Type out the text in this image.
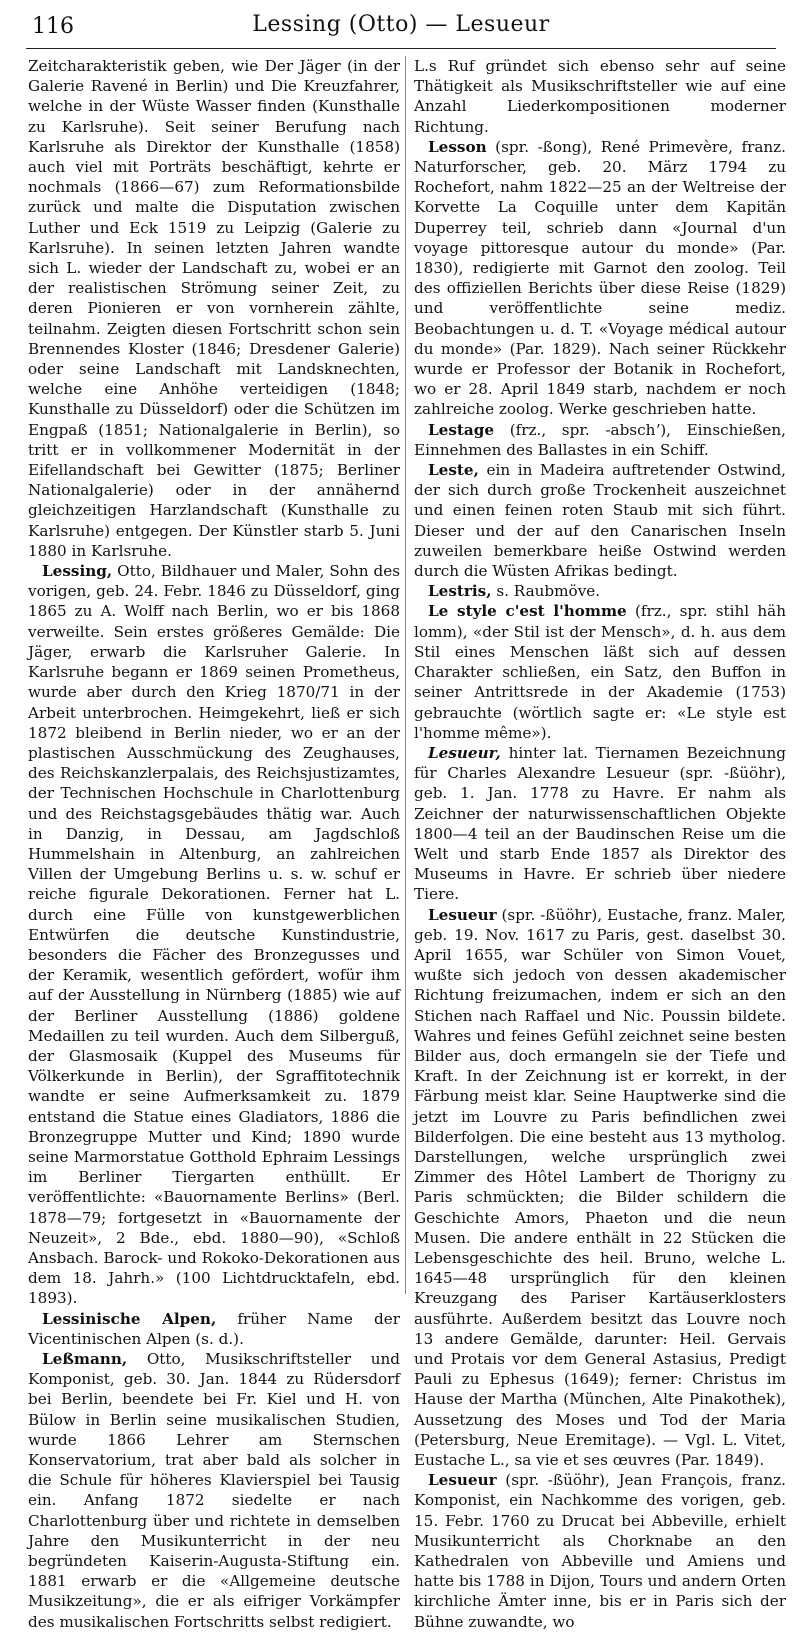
116	Lessing (Otto) — Lesueur

Zeitcharakteristik geben, wie Der Jäger (in der Galerie Ravené in Berlin) und Die Kreuzfahrer, welche in der Wüste Wasser finden (Kunsthalle zu Karlsruhe). Seit seiner Berufung nach Karlsruhe als Direktor der Kunsthalle (1858) auch viel mit Porträts beschäftigt, kehrte er nochmals (1866—67) zum Reformationsbilde zurück und malte die Disputation zwischen Luther und Eck 1519 zu Leipzig (Galerie zu Karlsruhe). In seinen letzten Jahren wandte sich L. wieder der Landschaft zu, wobei er an der realistischen Strömung seiner Zeit, zu deren Pionieren er von vornherein zählte, teilnahm. Zeigten diesen Fortschritt schon sein Brennendes Kloster (1846; Dresdener Galerie) oder seine Landschaft mit Landsknechten, welche eine Anhöhe verteidigen (1848; Kunsthalle zu Düsseldorf) oder die Schützen im Engpaß (1851; Nationalgalerie in Berlin), so tritt er in vollkommener Modernität in der Eifellandschaft bei Gewitter (1875; Berliner Nationalgalerie) oder in der annähernd gleichzeitigen Harzlandschaft (Kunsthalle zu Karlsruhe) entgegen. Der Künstler starb 5. Juni 1880 in Karlsruhe.

Lessing, Otto, Bildhauer und Maler, Sohn des vorigen, geb. 24. Febr. 1846 zu Düsseldorf, ging 1865 zu A. Wolff nach Berlin, wo er bis 1868 verweilte. Sein erstes größeres Gemälde: Die Jäger, erwarb die Karlsruher Galerie. In Karlsruhe begann er 1869 seinen Prometheus, wurde aber durch den Krieg 1870/71 in der Arbeit unterbrochen. Heimgekehrt, ließ er sich 1872 bleibend in Berlin nieder, wo er an der plastischen Ausschmückung des Zeughauses, des Reichskanzlerpalais, des Reichsjustizamtes, der Technischen Hochschule in Charlottenburg und des Reichstagsgebäudes thätig war. Auch in Danzig, in Dessau, am Jagdschloß Hummelshain in Altenburg, an zahlreichen Villen der Umgebung Berlins u. s. w. schuf er reiche figurale Dekorationen. Ferner hat L. durch eine Fülle von kunstgewerblichen Entwürfen die deutsche Kunstindustrie, besonders die Fächer des Bronzegusses und der Keramik, wesentlich gefördert, wofür ihm auf der Ausstellung in Nürnberg (1885) wie auf der Berliner Ausstellung (1886) goldene Medaillen zu teil wurden. Auch dem Silberguß, der Glasmosaik (Kuppel des Museums für Völkerkunde in Berlin), der Sgraffitotechnik wandte er seine Aufmerksamkeit zu. 1879 entstand die Statue eines Gladiators, 1886 die Bronzegruppe Mutter und Kind; 1890 wurde seine Marmorstatue Gotthold Ephraim Lessings im Berliner Tiergarten enthüllt. Er veröffentlichte: «Bauornamente Berlins» (Berl. 1878—79; fortgesetzt in «Bauornamente der Neuzeit», 2 Bde., ebd. 1880—90), «Schloß Ansbach. Barock- und Rokoko-Dekorationen aus dem 18. Jahrh.» (100 Lichtdrucktafeln, ebd. 1893).

Lessinische Alpen, früher Name der Vicentinischen Alpen (s. d.).

Leßmann, Otto, Musikschriftsteller und Komponist, geb. 30. Jan. 1844 zu Rüdersdorf bei Berlin, beendete bei Fr. Kiel und H. von Bülow in Berlin seine musikalischen Studien, wurde 1866 Lehrer am Sternschen Konservatorium, trat aber bald als solcher in die Schule für höheres Klavierspiel bei Tausig ein. Anfang 1872 siedelte er nach Charlottenburg über und richtete in demselben Jahre den Musikunterricht in der neu begründeten Kaiserin-Augusta-Stiftung ein. 1881 erwarb er die «Allgemeine deutsche Musikzeitung», die er als eifriger Vorkämpfer des musikalischen Fortschritts selbst redigiert.

L.s Ruf gründet sich ebenso sehr auf seine Thätigkeit als Musikschriftsteller wie auf eine Anzahl Liederkompositionen moderner Richtung.

Lesson (spr. -ßong), René Primevère, franz. Naturforscher, geb. 20. März 1794 zu Rochefort, nahm 1822—25 an der Weltreise der Korvette La Coquille unter dem Kapitän Duperrey teil, schrieb dann «Journal d'un voyage pittoresque autour du monde» (Par. 1830), redigierte mit Garnot den zoolog. Teil des offiziellen Berichts über diese Reise (1829) und veröffentlichte seine mediz. Beobachtungen u. d. T. «Voyage médical autour du monde» (Par. 1829). Nach seiner Rückkehr wurde er Professor der Botanik in Rochefort, wo er 28. April 1849 starb, nachdem er noch zahlreiche zoolog. Werke geschrieben hatte.

Lestage (frz., spr. -abschʼ), Einschießen, Einnehmen des Ballastes in ein Schiff.

Leste, ein in Madeira auftretender Ostwind, der sich durch große Trockenheit auszeichnet und einen feinen roten Staub mit sich führt. Dieser und der auf den Canarischen Inseln zuweilen bemerkbare heiße Ostwind werden durch die Wüsten Afrikas bedingt.

Lestris, s. Raubmöve.

Le style c'est l'homme (frz., spr. stihl häh lomm), «der Stil ist der Mensch», d. h. aus dem Stil eines Menschen läßt sich auf dessen Charakter schließen, ein Satz, den Buffon in seiner Antrittsrede in der Akademie (1753) gebrauchte (wörtlich sagte er: «Le style est l'homme même»).

Lesueur, hinter lat. Tiernamen Bezeichnung für Charles Alexandre Lesueur (spr. -ßüöhr), geb. 1. Jan. 1778 zu Havre. Er nahm als Zeichner der naturwissenschaftlichen Objekte 1800—4 teil an der Baudinschen Reise um die Welt und starb Ende 1857 als Direktor des Museums in Havre. Er schrieb über niedere Tiere.

Lesueur (spr. -ßüöhr), Eustache, franz. Maler, geb. 19. Nov. 1617 zu Paris, gest. daselbst 30. April 1655, war Schüler von Simon Vouet, wußte sich jedoch von dessen akademischer Richtung freizumachen, indem er sich an den Stichen nach Raffael und Nic. Poussin bildete. Wahres und feines Gefühl zeichnet seine besten Bilder aus, doch ermangeln sie der Tiefe und Kraft. In der Zeichnung ist er korrekt, in der Färbung meist klar. Seine Hauptwerke sind die jetzt im Louvre zu Paris befindlichen zwei Bilderfolgen. Die eine besteht aus 13 mytholog. Darstellungen, welche ursprünglich zwei Zimmer des Hôtel Lambert de Thorigny zu Paris schmückten; die Bilder schildern die Geschichte Amors, Phaeton und die neun Musen. Die andere enthält in 22 Stücken die Lebensgeschichte des heil. Bruno, welche L. 1645—48 ursprünglich für den kleinen Kreuzgang des Pariser Kartäuserklosters ausführte. Außerdem besitzt das Louvre noch 13 andere Gemälde, darunter: Heil. Gervais und Protais vor dem General Astasius, Predigt Pauli zu Ephesus (1649); ferner: Christus im Hause der Martha (München, Alte Pinakothek), Aussetzung des Moses und Tod der Maria (Petersburg, Neue Eremitage). — Vgl. L. Vitet, Eustache L., sa vie et ses œuvres (Par. 1849).

Lesueur (spr. -ßüöhr), Jean François, franz. Komponist, ein Nachkomme des vorigen, geb. 15. Febr. 1760 zu Drucat bei Abbeville, erhielt Musikunterricht als Chorknabe an den Kathedralen von Abbeville und Amiens und hatte bis 1788 in Dijon, Tours und andern Orten kirchliche Ämter inne, bis er in Paris sich der Bühne zuwandte, wo
